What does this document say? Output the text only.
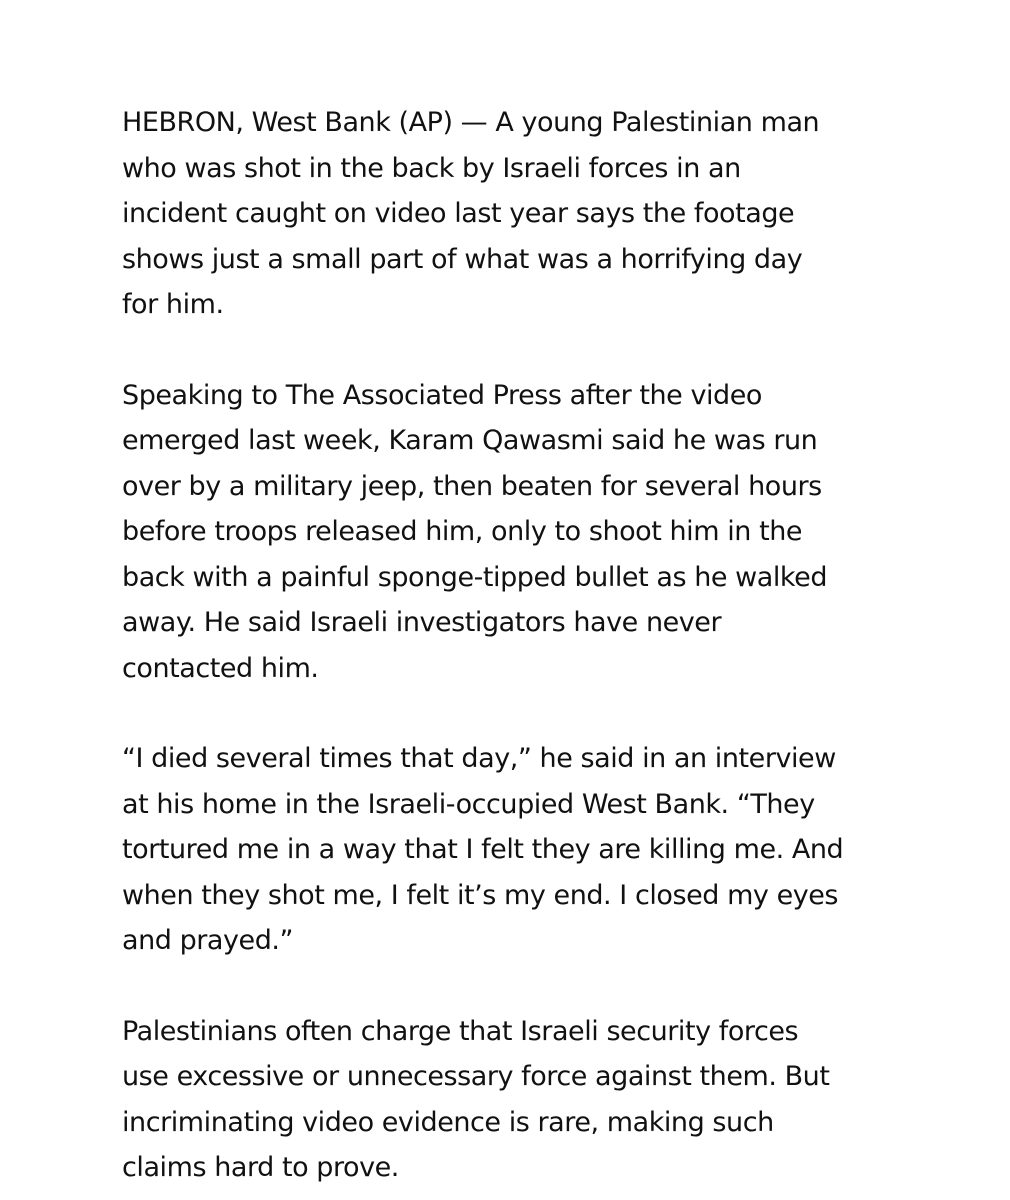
HEBRON, West Bank (AP) — A young Palestinian man
who was shot in the back by Israeli forces in an
incident caught on video last year says the footage
shows just a small part of what was a horrifying day
for him.

Speaking to The Associated Press after the video
emerged last week, Karam Qawasmi said he was run
over by a military jeep, then beaten for several hours
before troops released him, only to shoot him in the
back with a painful sponge-tipped bullet as he walked
away. He said Israeli investigators have never
contacted him.

“I died several times that day,” he said in an interview
at his home in the Israeli-occupied West Bank. “They
tortured me in a way that I felt they are killing me. And
when they shot me, I felt it’s my end. I closed my eyes
and prayed.”

Palestinians often charge that Israeli security forces
use excessive or unnecessary force against them. But
incriminating video evidence is rare, making such
claims hard to prove.
